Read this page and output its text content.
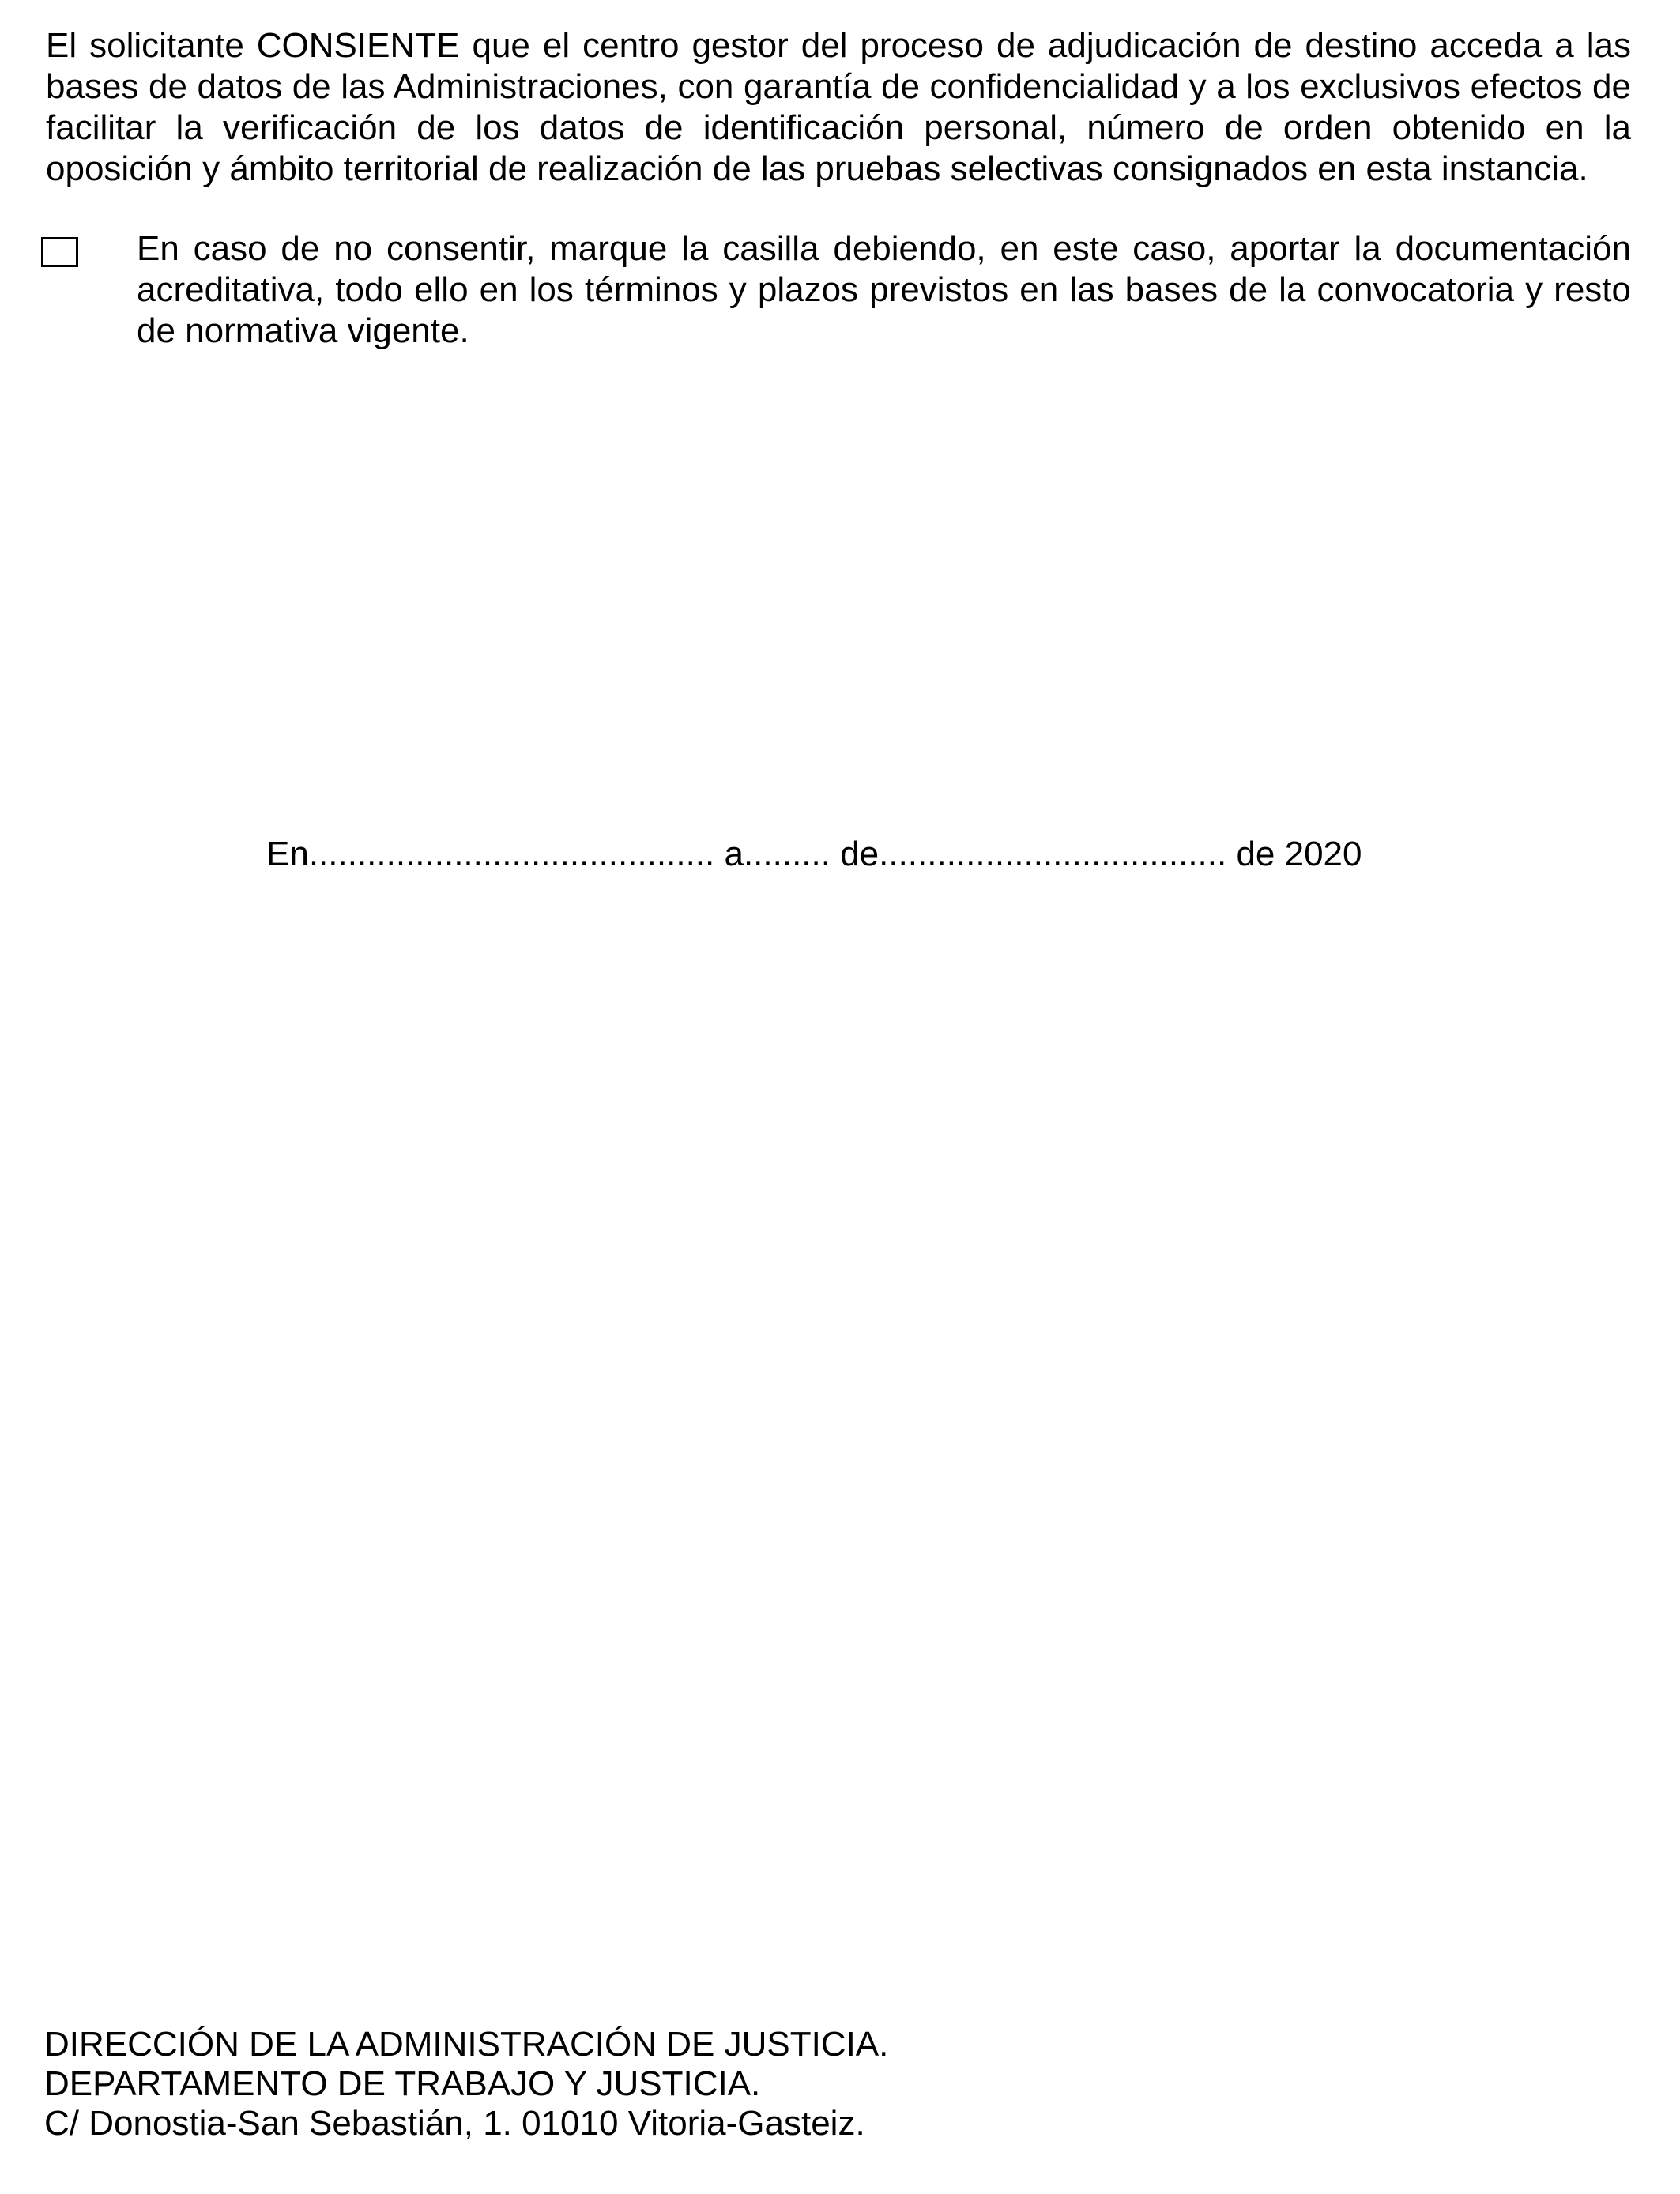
El solicitante CONSIENTE que el centro gestor del proceso de adjudicación de destino acceda a las bases de datos de las Administraciones, con garantía de confidencialidad y a los exclusivos efectos de facilitar la verificación de los datos de identificación personal, número de orden obtenido en la oposición y ámbito territorial de realización de las pruebas selectivas consignados en esta instancia.

En caso de no consentir, marque la casilla debiendo, en este caso, aportar la documentación acreditativa, todo ello en los términos y plazos previstos en las bases de la convocatoria y resto de normativa vigente.

En.......................................... a......... de.................................... de 2020

DIRECCIÓN DE LA ADMINISTRACIÓN DE JUSTICIA.
DEPARTAMENTO DE TRABAJO Y JUSTICIA.
C/ Donostia-San Sebastián, 1. 01010 Vitoria-Gasteiz.
